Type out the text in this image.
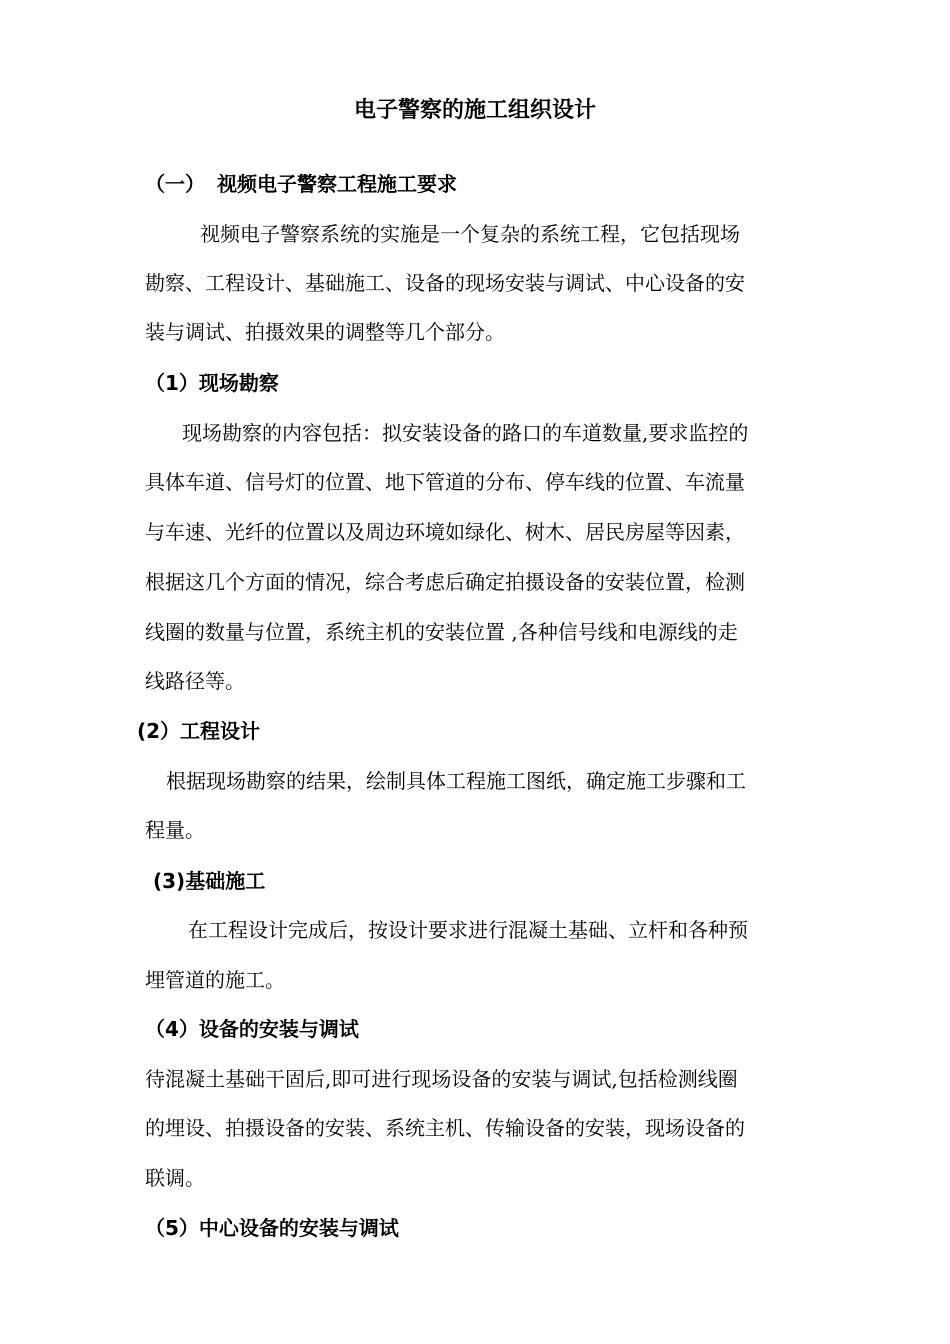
电子警察的施工组织设计
（一） 视频电子警察工程施工要求
视频电子警察系统的实施是一个复杂的系统工程，它包括现场
勘察、工程设计、基础施工、设备的现场安装与调试、中心设备的安
装与调试、拍摄效果的调整等几个部分。
（1）现场勘察
现场勘察的内容包括：拟安装设备的路口的车道数量,要求监控的
具体车道、信号灯的位置、地下管道的分布、停车线的位置、车流量
与车速、光纤的位置以及周边环境如绿化、树木、居民房屋等因素，
根据这几个方面的情况，综合考虑后确定拍摄设备的安装位置，检测
线圈的数量与位置，系统主机的安装位置 ,各种信号线和电源线的走
线路径等。
(2）工程设计
根据现场勘察的结果，绘制具体工程施工图纸，确定施工步骤和工
程量。
(3)基础施工
在工程设计完成后，按设计要求进行混凝土基础、立杆和各种预
埋管道的施工。
（4）设备的安装与调试
待混凝土基础干固后,即可进行现场设备的安装与调试,包括检测线圈
的埋设、拍摄设备的安装、系统主机、传输设备的安装，现场设备的
联调。
（5）中心设备的安装与调试
